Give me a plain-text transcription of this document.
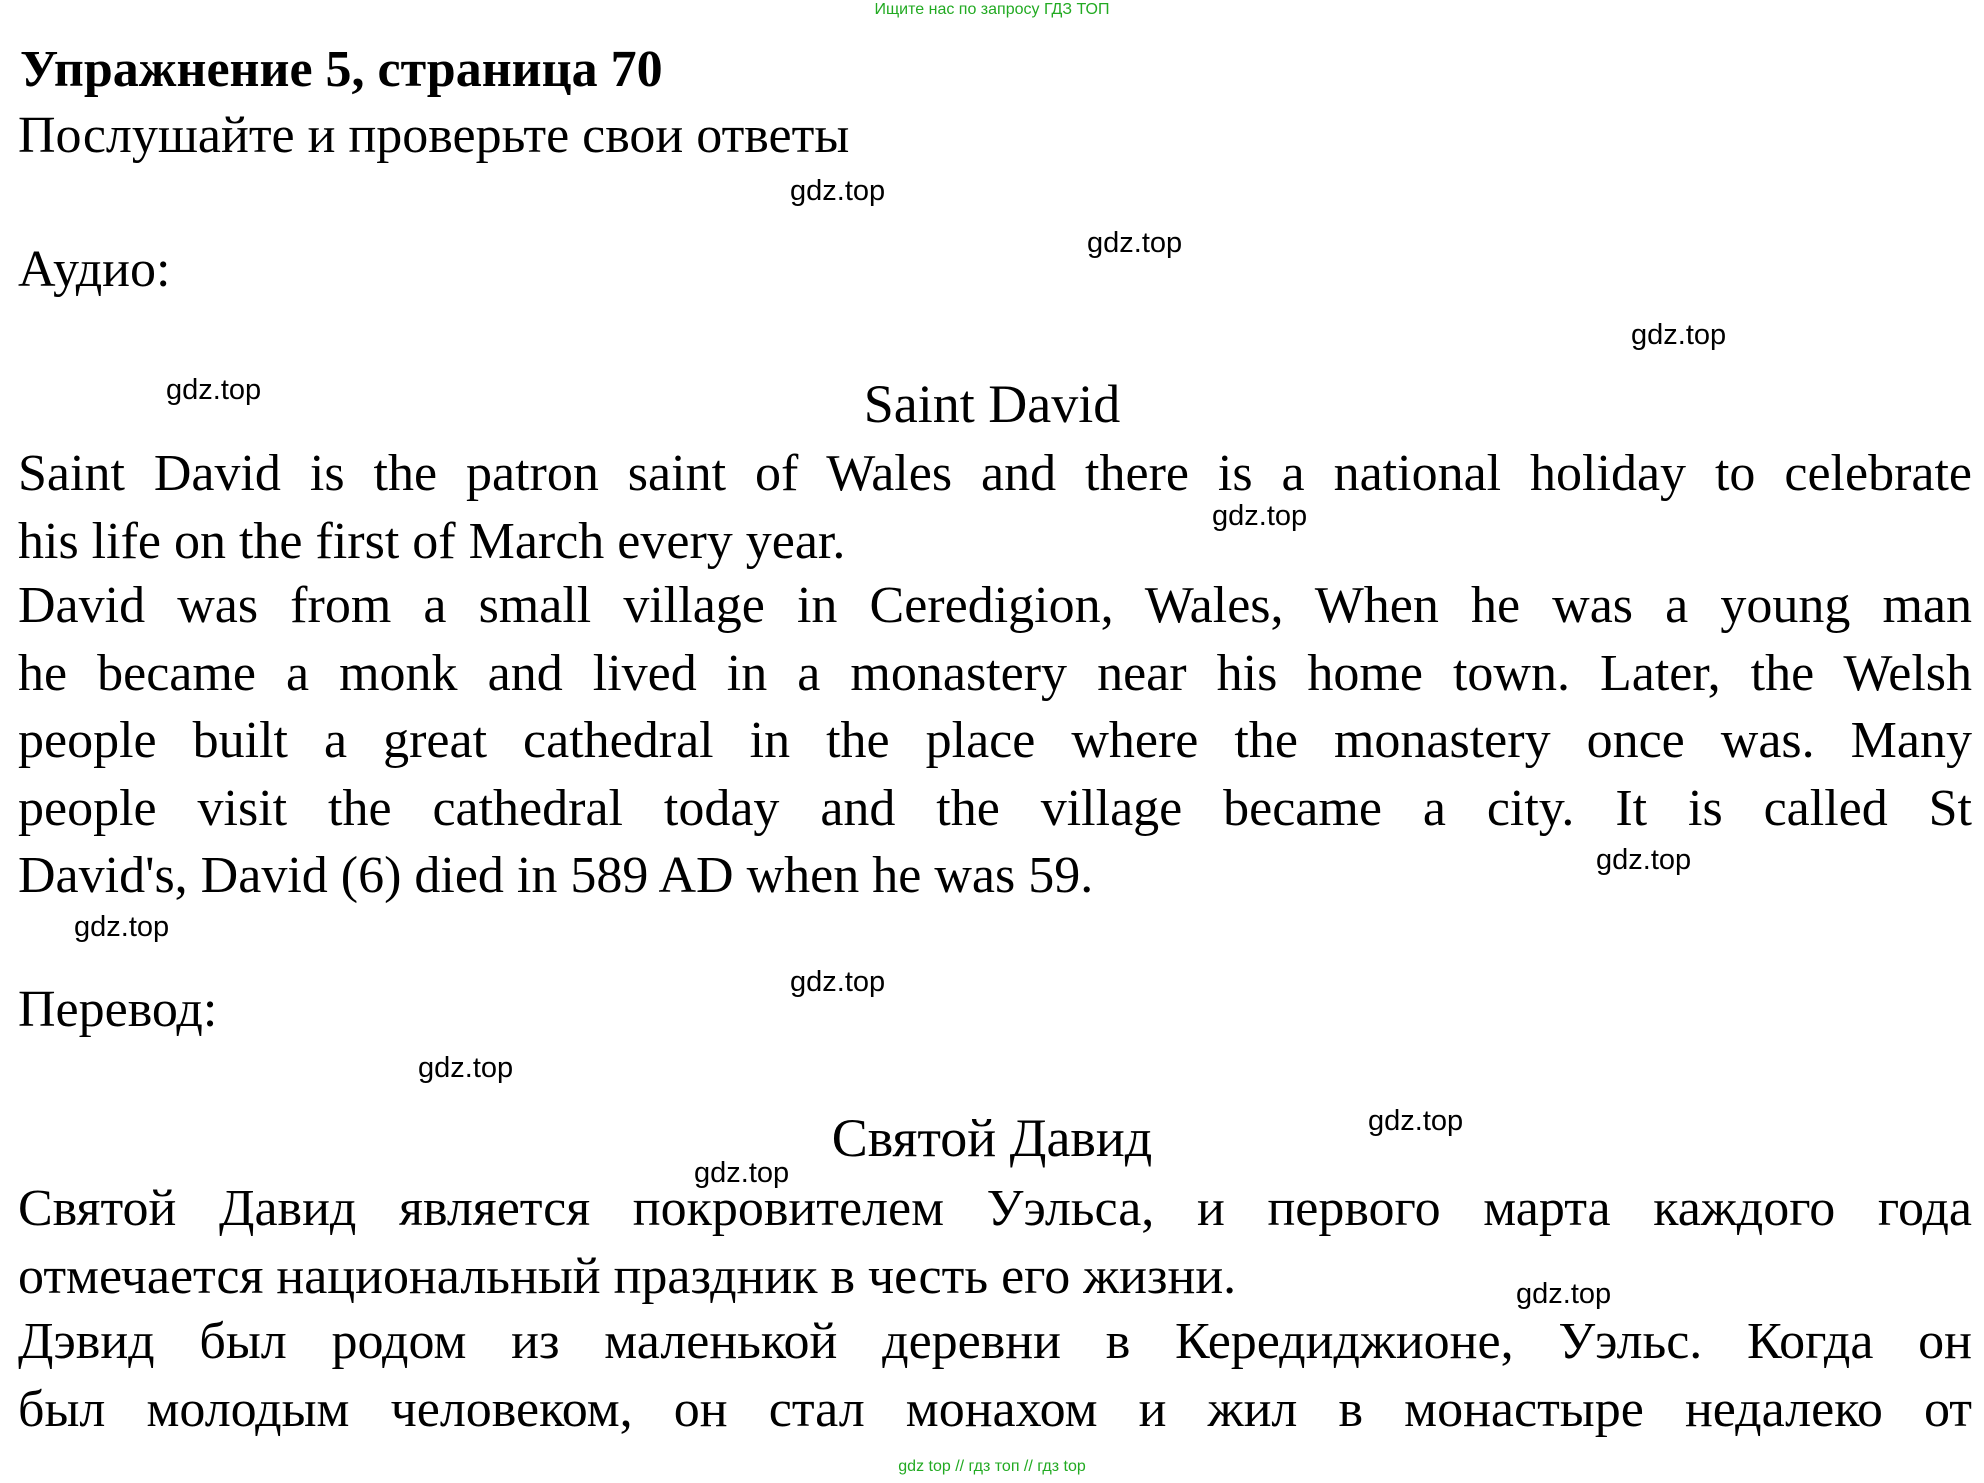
Ищите нас по запросу ГДЗ ТОП
Упражнение 5, страница 70
Послушайте и проверьте свои ответы
Аудио:
Saint David
Saint David is the patron saint of Wales and there is a national holiday to celebrate
his life on the first of March every year.
David was from a small village in Ceredigion, Wales, When he was a young man
he became a monk and lived in a monastery near his home town. Later, the Welsh
people built a great cathedral in the place where the monastery once was. Many
people visit the cathedral today and the village became a city. It is called St
David's, David (6) died in 589 AD when he was 59.
Перевод:
Святой Давид
Святой Давид является покровителем Уэльса, и первого марта каждого года
отмечается национальный праздник в честь его жизни.
Дэвид был родом из маленькой деревни в Кередиджионе, Уэльс. Когда он
был молодым человеком, он стал монахом и жил в монастыре недалеко от
gdz.top
gdz.top
gdz.top
gdz.top
gdz.top
gdz.top
gdz.top
gdz.top
gdz.top
gdz.top
gdz.top
gdz.top
gdz top // гдз топ // гдз top
